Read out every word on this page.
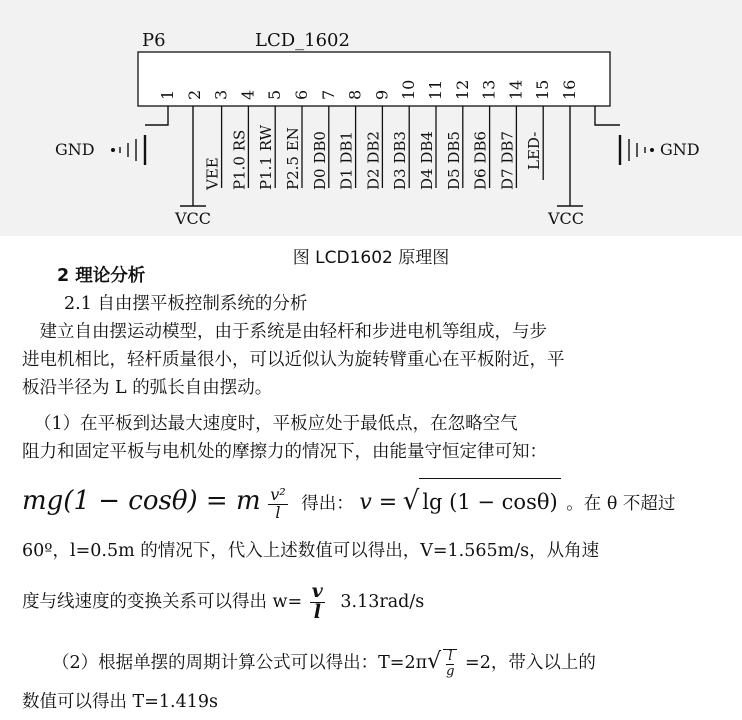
P6	LCD_1602
1 2 3 4 5 6 7 8 9 10 11 12 13 14 15 16
VEE P1.0 RS P1.1 RW P2.5 EN D0 DB0 D1 DB1 D2 DB2 D3 DB3 D4 DB4 D5 DB5 D6 DB6 D7 DB7 LED-
GND	GND
VCC	VCC
图 LCD1602 原理图
2 理论分析
2.1 自由摆平板控制系统的分析
　建立自由摆运动模型，由于系统是由轻杆和步进电机等组成，与步
进电机相比，轻杆质量很小，可以近似认为旋转臂重心在平板附近，平
板沿半径为 L 的弧长自由摆动。
（1）在平板到达最大速度时，平板应处于最低点，在忽略空气
阻力和固定平板与电机处的摩擦力的情况下，由能量守恒定律可知：
mg(1 − cosθ) = m $\frac{\text{v²}}{l}$ 得出： v = √ lg (1 − cosθ) 。在 θ 不超过
60º，l=0.5m 的情况下，代入上述数值可以得出，V=1.565m/s，从角速
度与线速度的变换关系可以得出 $w= \frac{v}{l} 3.13rad/s$
（2）根据单摆的周期计算公式可以得出：$T=2\pi√ \frac{l}{g} =2$，带入以上的
数值可以得出 T=1.419s
